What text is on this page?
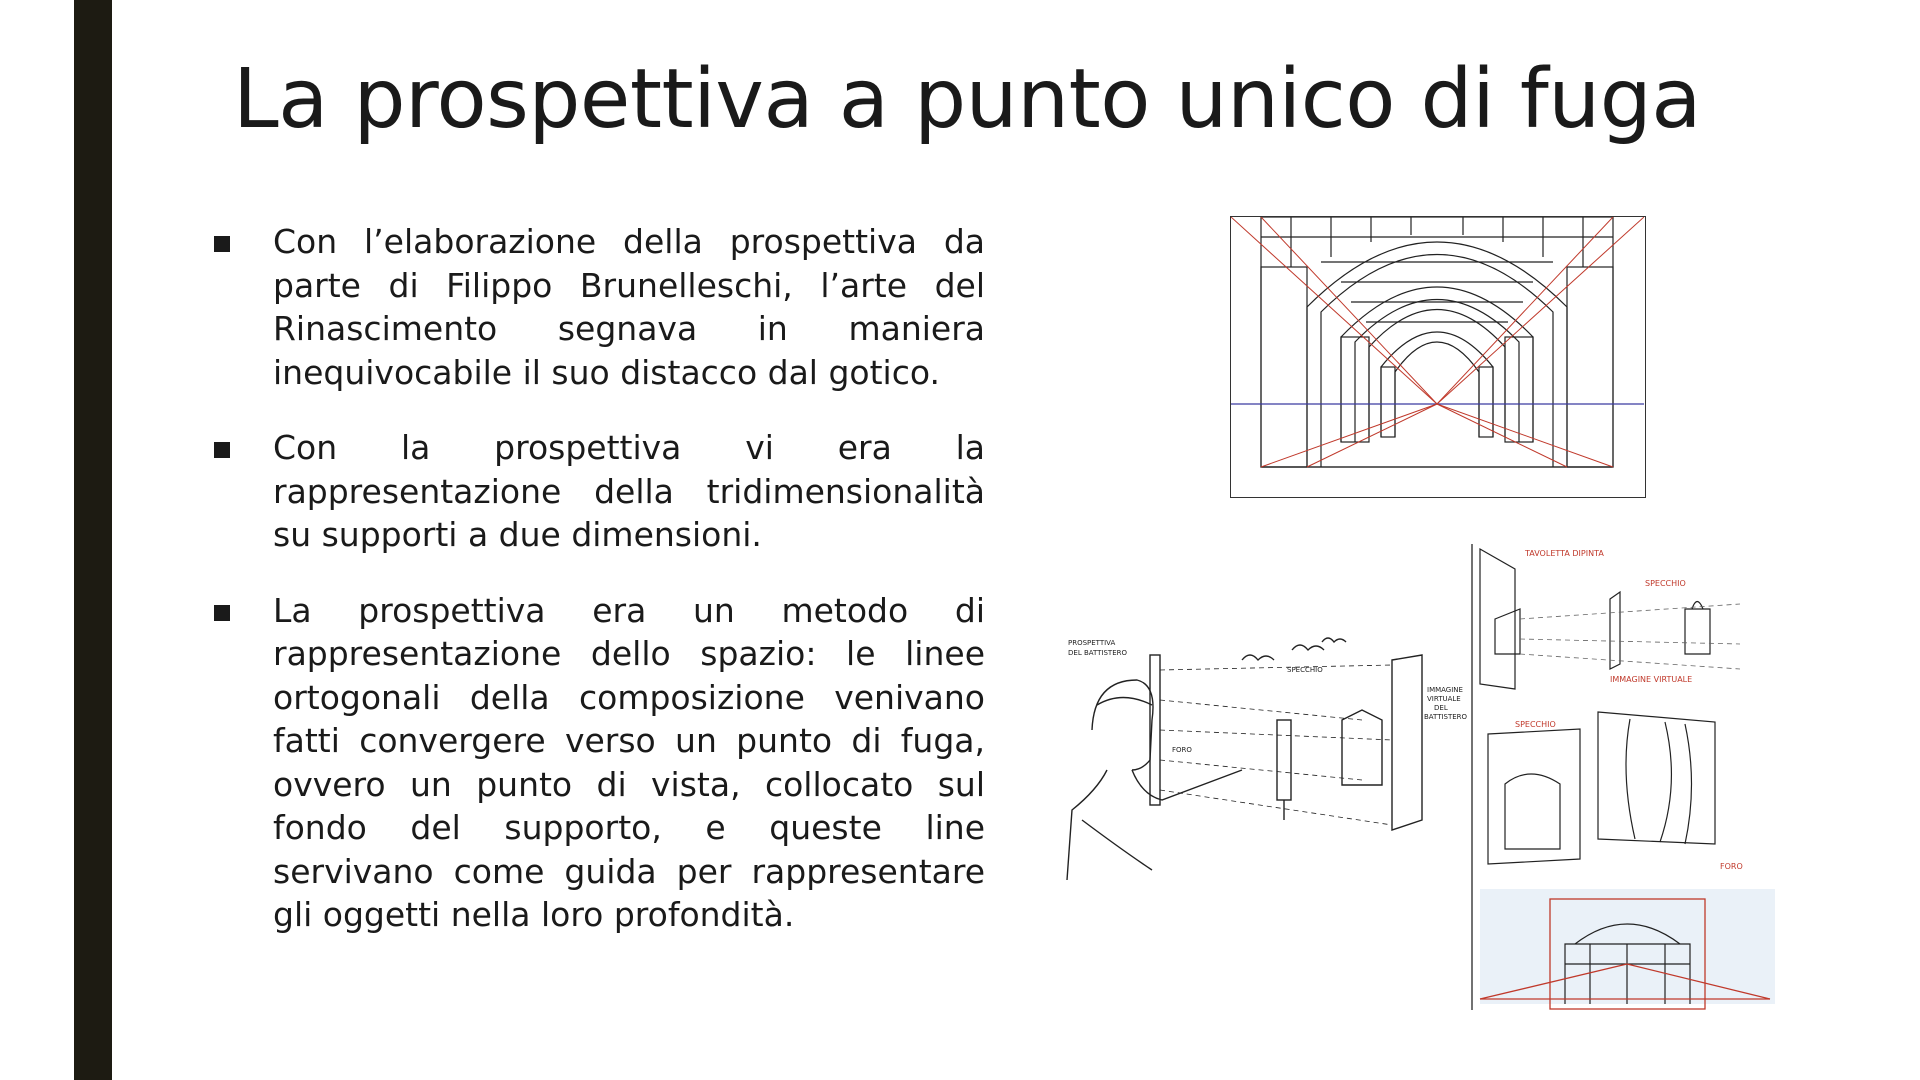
La prospettiva a punto unico di fuga
Con l’elaborazione della prospettiva da parte di Filippo Brunelleschi, l’arte del Rinascimento segnava in maniera inequivocabile il suo distacco dal gotico.
Con la prospettiva vi era la rappresentazione della tridimensionalità su supporti a due dimensioni.
La prospettiva era un metodo di rappresentazione dello spazio: le linee ortogonali della composizione venivano fatti convergere verso un punto di fuga, ovvero un punto di vista, collocato sul fondo del supporto, e queste line servivano come guida per rappresentare gli oggetti nella loro profondità.
PROSPETTIVA
DEL BATTISTERO
SPECCHIO
FORO
IMMAGINE
VIRTUALE
DEL
BATTISTERO
TAVOLETTA DIPINTA
SPECCHIO
IMMAGINE VIRTUALE
SPECCHIO
FORO
